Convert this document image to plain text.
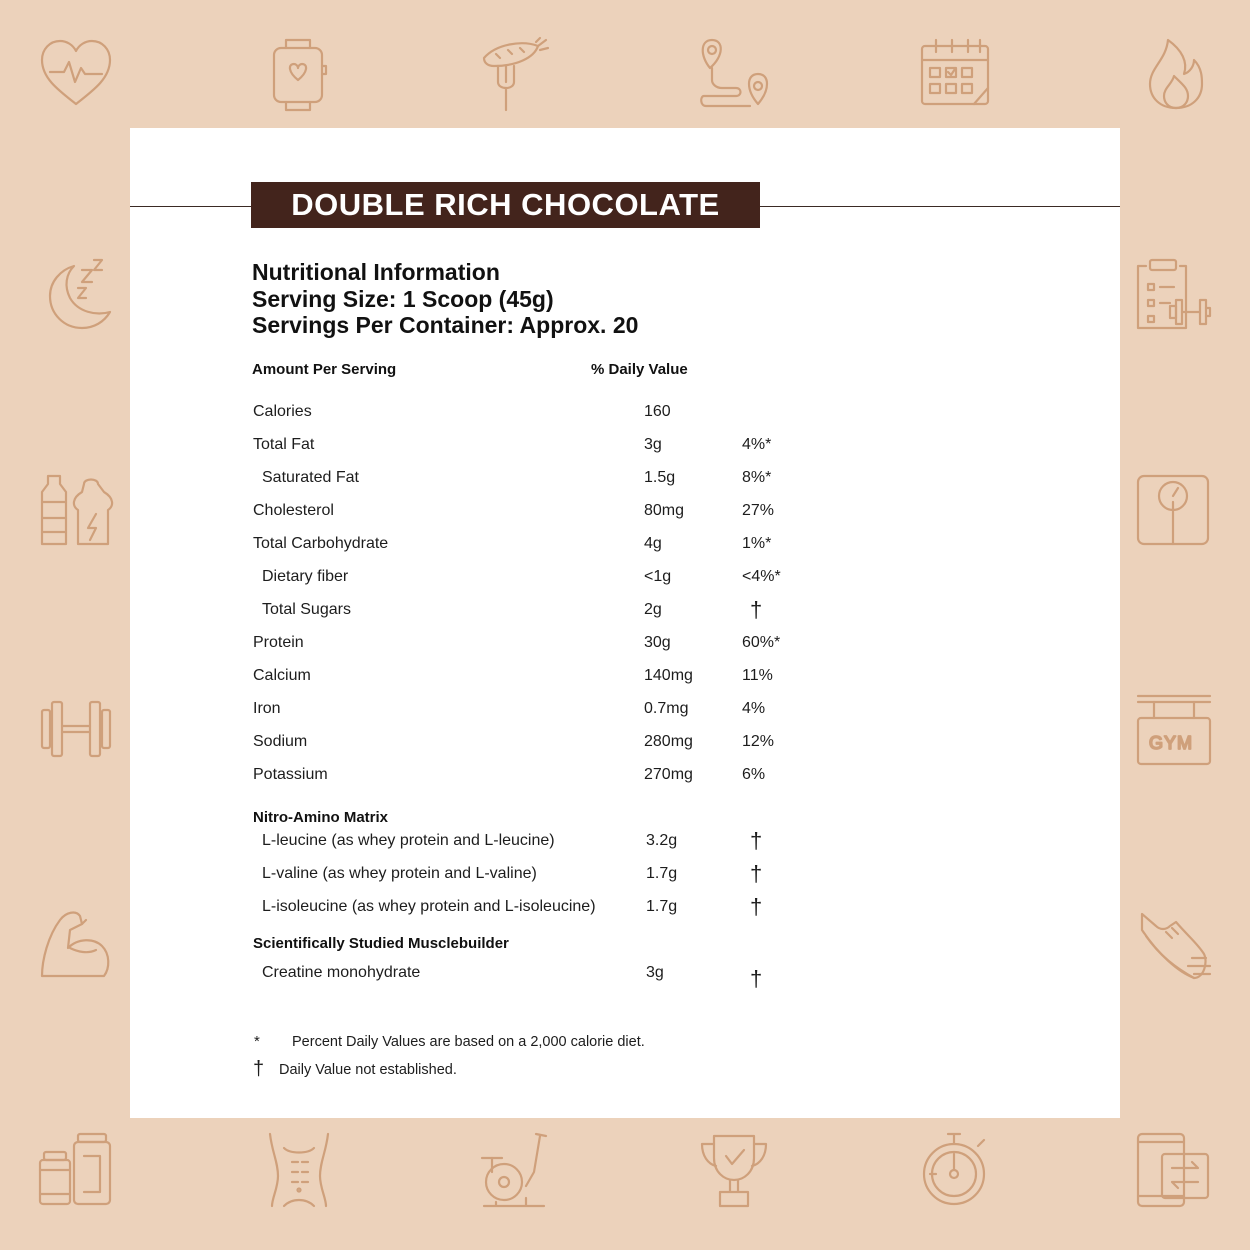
GYM
DOUBLE RICH CHOCOLATE
Nutritional Information
Serving Size: 1 Scoop (45g)
Servings Per Container: Approx. 20
Amount Per Serving	% Daily Value
Calories	160
Total Fat	3g	4%*
Saturated Fat	1.5g	8%*
Cholesterol	80mg	27%
Total Carbohydrate	4g	1%*
Dietary fiber	<1g	<4%*
Total Sugars	2g	†
Protein	30g	60%*
Calcium	140mg	11%
Iron	0.7mg	4%
Sodium	280mg	12%
Potassium	270mg	6%
Nitro-Amino Matrix
L-leucine (as whey protein and L-leucine)	3.2g	†
L-valine (as whey protein and L-valine)	1.7g	†
L-isoleucine (as whey protein and L-isoleucine)	1.7g	†
Scientifically Studied Musclebuilder
Creatine monohydrate	3g	†
* Percent Daily Values are based on a 2,000 calorie diet.
† Daily Value not established.
